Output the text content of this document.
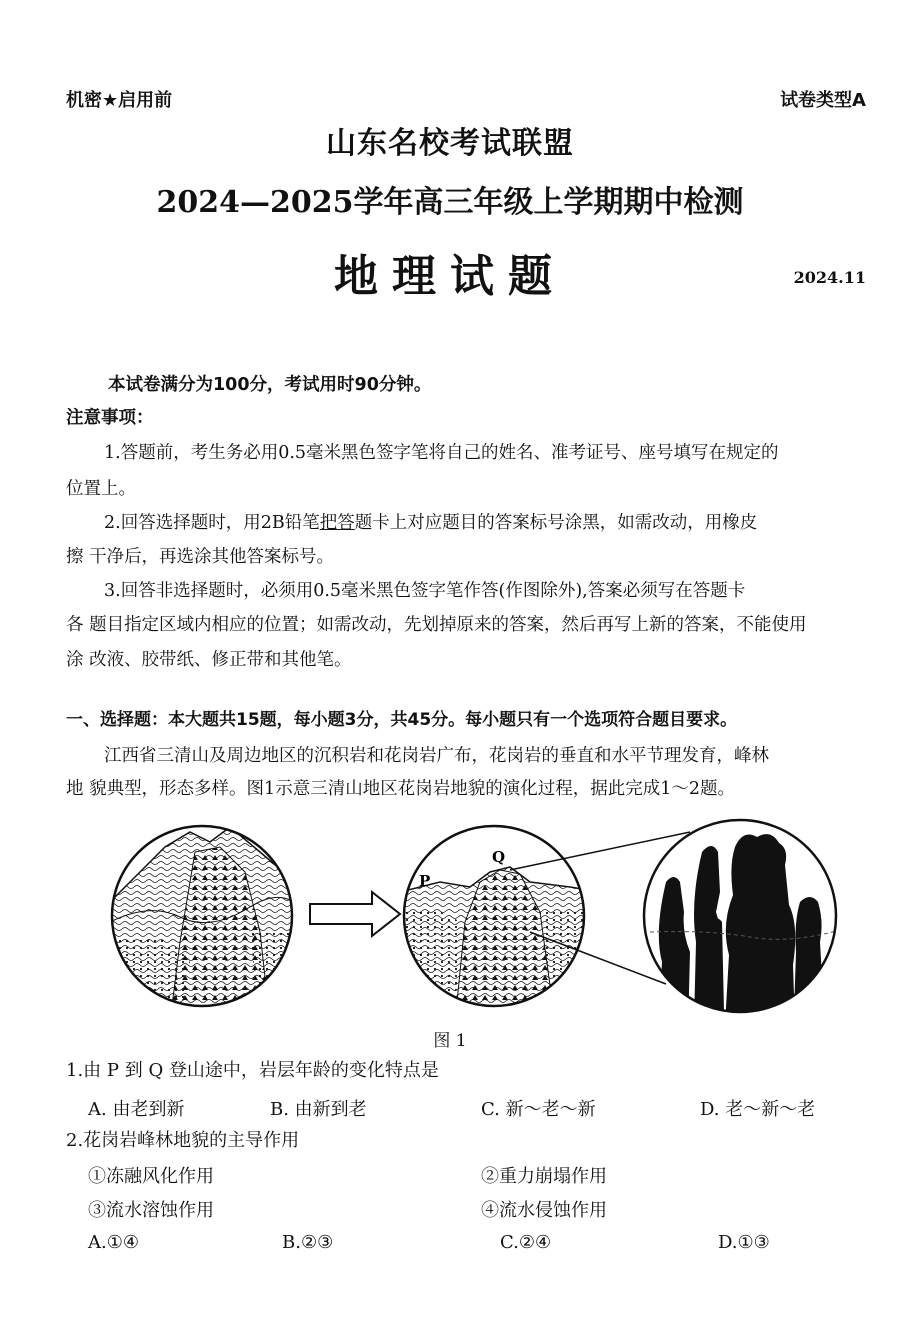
机密★启用前	试卷类型A
山东名校考试联盟
2024—2025学年高三年级上学期期中检测
地理试题	2024.11
本试卷满分为100分，考试用时90分钟。
注意事项：
1.答题前，考生务必用0.5毫米黑色签字笔将自己的姓名、准考证号、座号填写在规定的
位置上。
2.回答选择题时，用2B铅笔把答题卡上对应题目的答案标号涂黑，如需改动，用橡皮
擦 干净后，再选涂其他答案标号。
3.回答非选择题时，必须用0.5毫米黑色签字笔作答(作图除外),答案必须写在答题卡
各 题目指定区域内相应的位置；如需改动，先划掉原来的答案，然后再写上新的答案，不能使用
涂 改液、胶带纸、修正带和其他笔。
一、选择题：本大题共15题，每小题3分，共45分。每小题只有一个选项符合题目要求。
江西省三清山及周边地区的沉积岩和花岗岩广布，花岗岩的垂直和水平节理发育，峰林
地 貌典型，形态多样。图1示意三清山地区花岗岩地貌的演化过程，据此完成1～2题。
P
Q
图 1
1.由 P 到 Q 登山途中，岩层年龄的变化特点是
A. 由老到新	B. 由新到老	C. 新～老～新	D. 老～新～老
2.花岗岩峰林地貌的主导作用
①冻融风化作用	②重力崩塌作用
③流水溶蚀作用	④流水侵蚀作用
A.①④	B.②③	C.②④	D.①③
